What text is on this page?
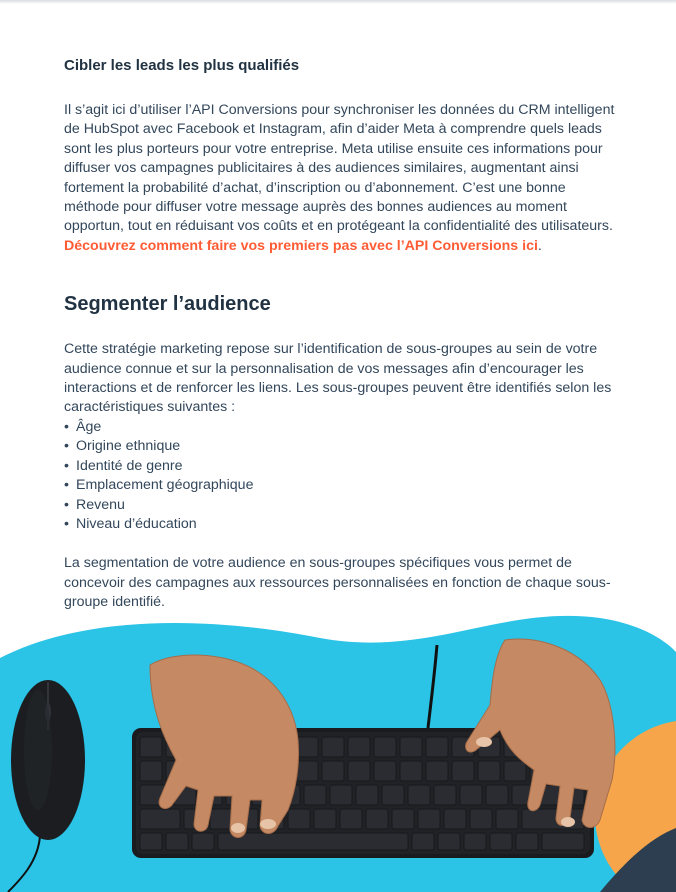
Cibler les leads les plus qualifiés

Il s’agit ici d’utiliser l’API Conversions pour synchroniser les données du CRM intelligent de HubSpot avec Facebook et Instagram, afin d’aider Meta à comprendre quels leads sont les plus porteurs pour votre entreprise. Meta utilise ensuite ces informations pour diffuser vos campagnes publicitaires à des audiences similaires, augmentant ainsi fortement la probabilité d’achat, d’inscription ou d’abonnement. C’est une bonne méthode pour diffuser votre message auprès des bonnes audiences au moment opportun, tout en réduisant vos coûts et en protégeant la confidentialité des utilisateurs. Découvrez comment faire vos premiers pas avec l’API Conversions ici.

Segmenter l’audience

Cette stratégie marketing repose sur l’identification de sous-groupes au sein de votre audience connue et sur la personnalisation de vos messages afin d’encourager les interactions et de renforcer les liens. Les sous-groupes peuvent être identifiés selon les caractéristiques suivantes :

• Âge
• Origine ethnique
• Identité de genre
• Emplacement géographique
• Revenu
• Niveau d’éducation

La segmentation de votre audience en sous-groupes spécifiques vous permet de concevoir des campagnes aux ressources personnalisées en fonction de chaque sous-groupe identifié.
